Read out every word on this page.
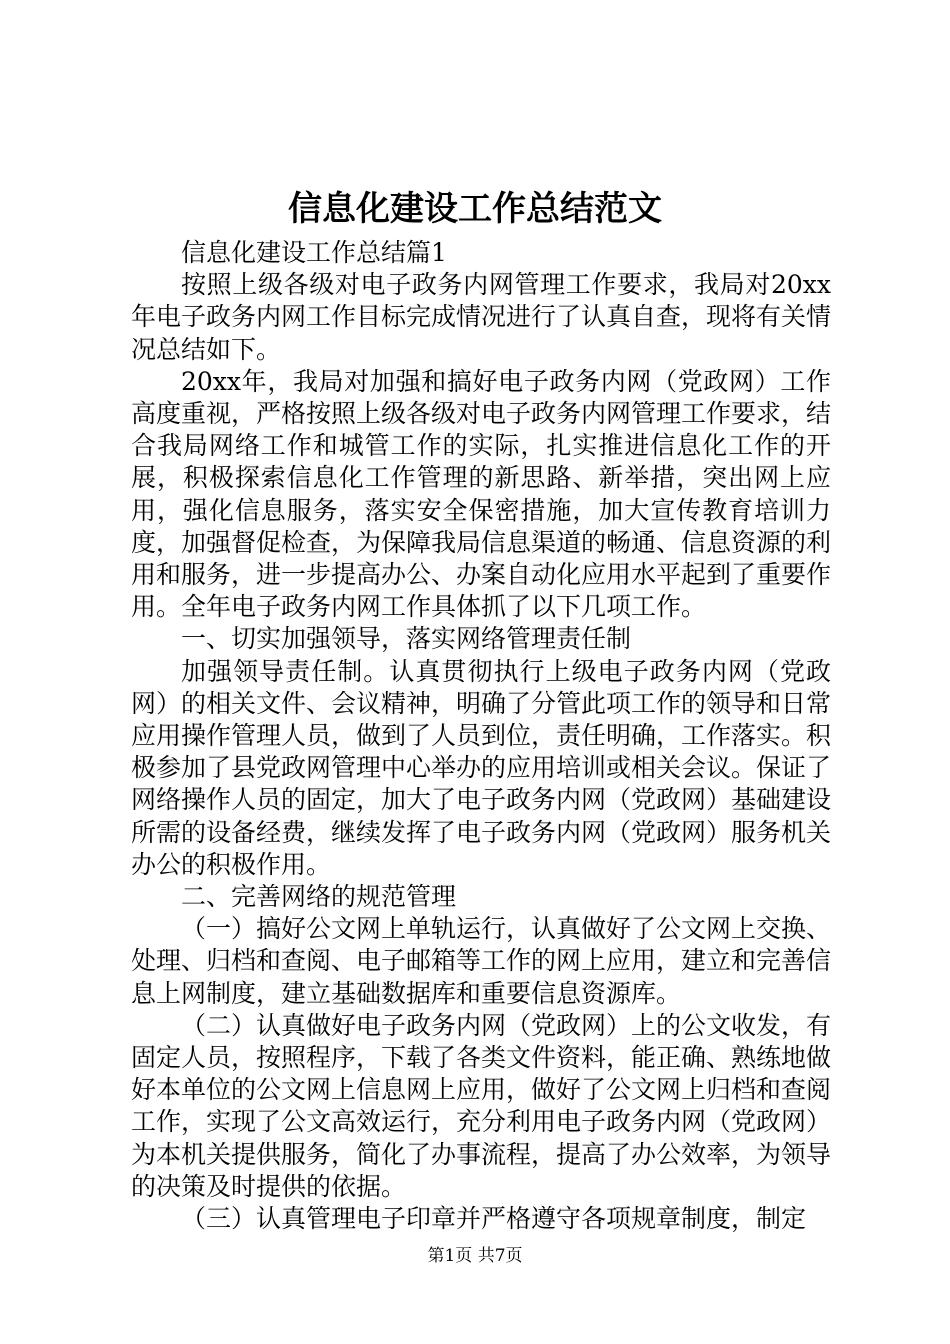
信息化建设工作总结范文

信息化建设工作总结篇1

按照上级各级对电子政务内网管理工作要求，我局对20xx年电子政务内网工作目标完成情况进行了认真自查，现将有关情况总结如下。

20xx年，我局对加强和搞好电子政务内网（党政网）工作高度重视，严格按照上级各级对电子政务内网管理工作要求，结合我局网络工作和城管工作的实际，扎实推进信息化工作的开展，积极探索信息化工作管理的新思路、新举措，突出网上应用，强化信息服务，落实安全保密措施，加大宣传教育培训力度，加强督促检查，为保障我局信息渠道的畅通、信息资源的利用和服务，进一步提高办公、办案自动化应用水平起到了重要作用。全年电子政务内网工作具体抓了以下几项工作。

一、切实加强领导，落实网络管理责任制

加强领导责任制。认真贯彻执行上级电子政务内网（党政网）的相关文件、会议精神，明确了分管此项工作的领导和日常应用操作管理人员，做到了人员到位，责任明确，工作落实。积极参加了县党政网管理中心举办的应用培训或相关会议。保证了网络操作人员的固定，加大了电子政务内网（党政网）基础建设所需的设备经费，继续发挥了电子政务内网（党政网）服务机关办公的积极作用。

二、完善网络的规范管理

（一）搞好公文网上单轨运行，认真做好了公文网上交换、处理、归档和查阅、电子邮箱等工作的网上应用，建立和完善信息上网制度，建立基础数据库和重要信息资源库。

（二）认真做好电子政务内网（党政网）上的公文收发，有固定人员，按照程序，下载了各类文件资料，能正确、熟练地做好本单位的公文网上信息网上应用，做好了公文网上归档和查阅工作，实现了公文高效运行，充分利用电子政务内网（党政网）为本机关提供服务，简化了办事流程，提高了办公效率，为领导的决策及时提供的依据。

（三）认真管理电子印章并严格遵守各项规章制度，制定

第1页 共7页
